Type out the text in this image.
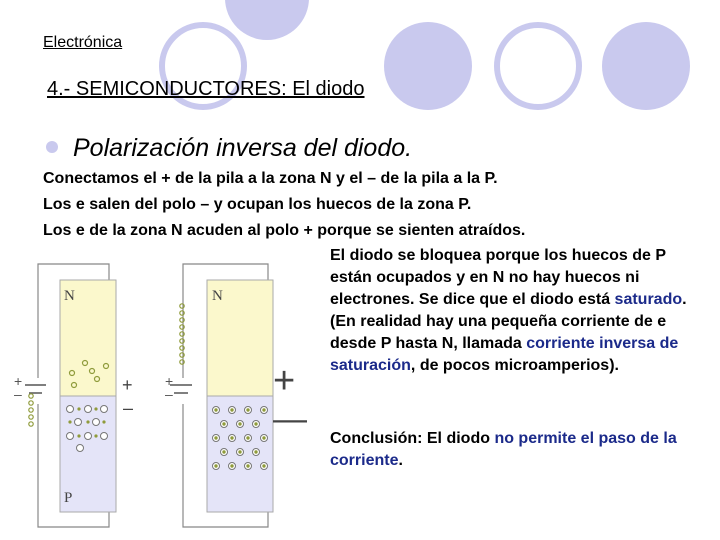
Electrónica
4.- SEMICONDUCTORES: El diodo
Polarización inversa del diodo.
Conectamos el + de la pila a la zona N y el – de la pila a la P.
Los e salen del polo – y ocupan los huecos de la zona P.
Los e de la zona N acuden al polo + porque se sienten atraídos.
El diodo se bloquea porque los huecos de P están ocupados y en N no hay huecos ni electrones. Se dice que el diodo está saturado. (En realidad hay una pequeña corriente de e desde P hasta N, llamada corriente inversa de saturación, de pocos microamperios).
Conclusión: El diodo no permite el paso de la corriente.
N
P
N
+
–
+
–
+
–
+
—
